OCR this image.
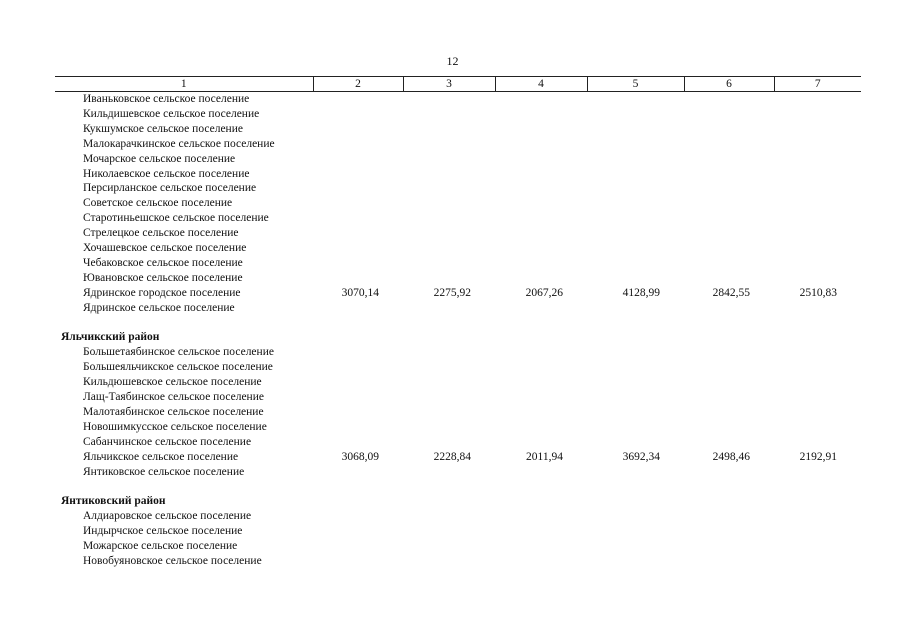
12
1	2	3	4	5	6	7
Иваньковское сельское поселение						
Кильдишевское сельское поселение						
Кукшумское сельское поселение						
Малокарачкинское сельское поселение						
Мочарское сельское поселение						
Николаевское сельское поселение						
Персирланское сельское поселение						
Советское сельское поселение						
Старотиньешское сельское поселение						
Стрелецкое сельское поселение						
Хочашевское сельское поселение						
Чебаковское сельское поселение						
Ювановское сельское поселение						
Ядринское городское поселение	3070,14	2275,92	2067,26	4128,99	2842,55	2510,83
Ядринское сельское поселение						

Яльчикский район						
Большетаябинское сельское поселение						
Большеяльчикское сельское поселение						
Кильдюшевское сельское поселение						
Лащ-Таябинское сельское поселение						
Малотаябинское сельское поселение						
Новошимкусское сельское поселение						
Сабанчинское сельское поселение						
Яльчикское сельское поселение	3068,09	2228,84	2011,94	3692,34	2498,46	2192,91
Янтиковское сельское поселение						

Янтиковский район						
Алдиаровское сельское поселение						
Индырчское сельское поселение						
Можарское сельское поселение						
Новобуяновское сельское поселение						
